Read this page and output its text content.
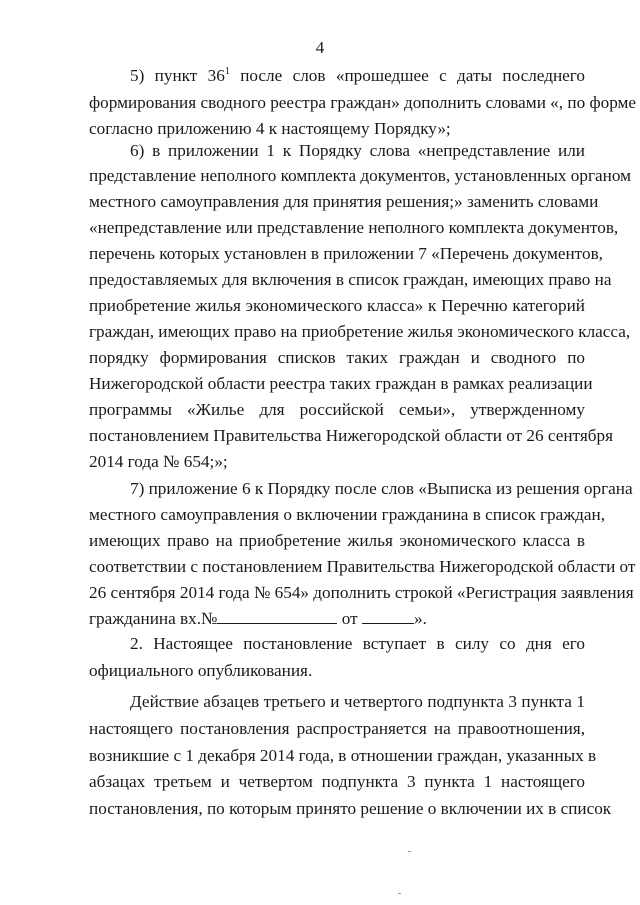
4
5) пункт $36^1$ после слов «прошедшее с даты последнего
формирования сводного реестра граждан» дополнить словами «, по форме
согласно приложению 4 к настоящему Порядку»;
6) в приложении 1 к Порядку слова «непредставление или
представление неполного комплекта документов, установленных органом
местного самоуправления для принятия решения;» заменить словами
«непредставление или представление неполного комплекта документов,
перечень которых установлен в приложении 7 «Перечень документов,
предоставляемых для включения в список граждан, имеющих право на
приобретение жилья экономического класса» к Перечню категорий
граждан, имеющих право на приобретение жилья экономического класса,
порядку формирования списков таких граждан и сводного по
Нижегородской области реестра таких граждан в рамках реализации
программы «Жилье для российской семьи», утвержденному
постановлением Правительства Нижегородской области от 26 сентября
2014 года № 654;»;
7) приложение 6 к Порядку после слов «Выписка из решения органа
местного самоуправления о включении гражданина в список граждан,
имеющих право на приобретение жилья экономического класса в
соответствии с постановлением Правительства Нижегородской области от
26 сентября 2014 года № 654» дополнить строкой «Регистрация заявления
гражданина вх.№	от	».
2. Настоящее постановление вступает в силу со дня его
официального опубликования.
Действие абзацев третьего и четвертого подпункта 3 пункта 1
настоящего постановления распространяется на правоотношения,
возникшие с 1 декабря 2014 года, в отношении граждан, указанных в
абзацах третьем и четвертом подпункта 3 пункта 1 настоящего
постановления, по которым принято решение о включении их в список
